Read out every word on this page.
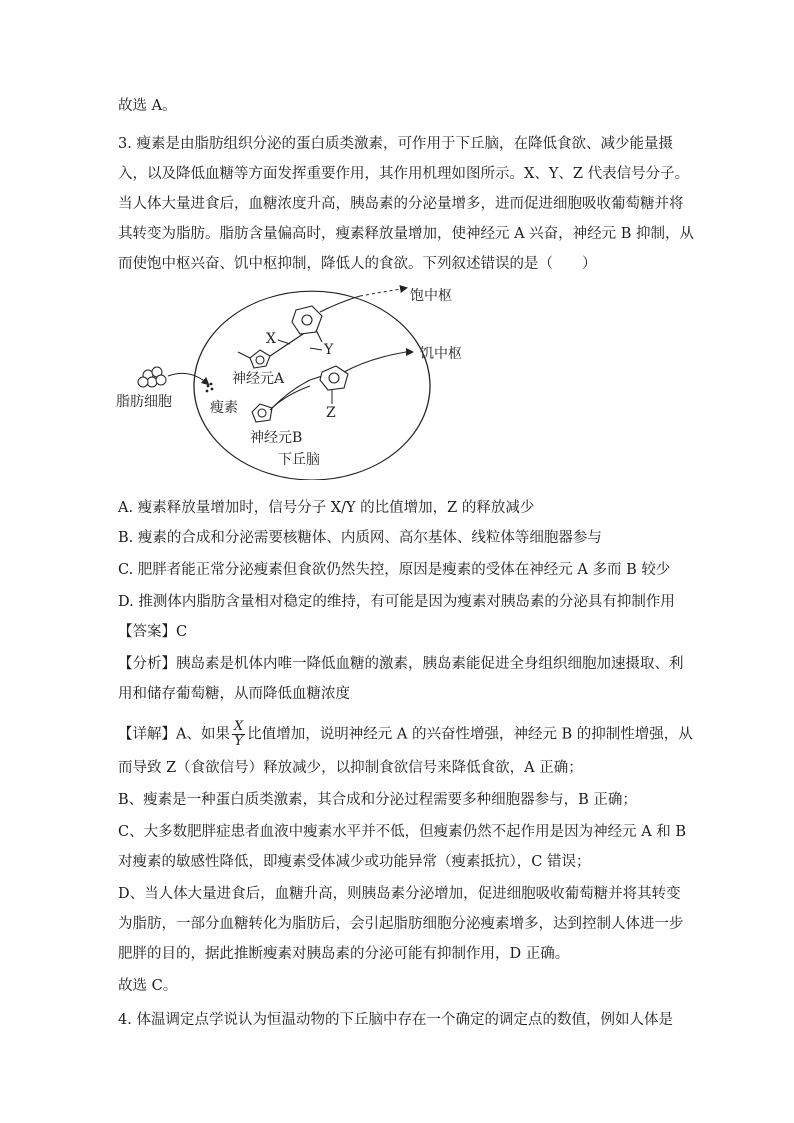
故选 A。
3. 瘦素是由脂肪组织分泌的蛋白质类激素，可作用于下丘脑，在降低食欲、减少能量摄
入，以及降低血糖等方面发挥重要作用，其作用机理如图所示。X、Y、Z 代表信号分子。
当人体大量进食后，血糖浓度升高，胰岛素的分泌量增多，进而促进细胞吸收葡萄糖并将
其转变为脂肪。脂肪含量偏高时，瘦素释放量增加，使神经元 A 兴奋，神经元 B 抑制，从
而使饱中枢兴奋、饥中枢抑制，降低人的食欲。下列叙述错误的是（　　）
脂肪细胞	瘦素
神经元A
神经元B
饱中枢
饥中枢
X
Y
Z
下丘脑
A. 瘦素释放量增加时，信号分子 X/Y 的比值增加，Z 的释放减少
B. 瘦素的合成和分泌需要核糖体、内质网、高尔基体、线粒体等细胞器参与
C. 肥胖者能正常分泌瘦素但食欲仍然失控，原因是瘦素的受体在神经元 A 多而 B 较少
D. 推测体内脂肪含量相对稳定的维持，有可能是因为瘦素对胰岛素的分泌具有抑制作用
【答案】C
【分析】胰岛素是机体内唯一降低血糖的激素，胰岛素能促进全身组织细胞加速摄取、利
用和储存葡萄糖，从而降低血糖浓度
【详解】A、如果 $\frac{X}{Y}$ 比值增加，说明神经元 A 的兴奋性增强，神经元 B 的抑制性增强，从
而导致 Z（食欲信号）释放减少，以抑制食欲信号来降低食欲，A 正确；
B、瘦素是一种蛋白质类激素，其合成和分泌过程需要多种细胞器参与，B 正确；
C、大多数肥胖症患者血液中瘦素水平并不低，但瘦素仍然不起作用是因为神经元 A 和 B
对瘦素的敏感性降低，即瘦素受体减少或功能异常（瘦素抵抗），C 错误；
D、当人体大量进食后，血糖升高，则胰岛素分泌增加，促进细胞吸收葡萄糖并将其转变
为脂肪，一部分血糖转化为脂肪后，会引起脂肪细胞分泌瘦素增多，达到控制人体进一步
肥胖的目的，据此推断瘦素对胰岛素的分泌可能有抑制作用，D 正确。
故选 C。
4. 体温调定点学说认为恒温动物的下丘脑中存在一个确定的调定点的数值，例如人体是
